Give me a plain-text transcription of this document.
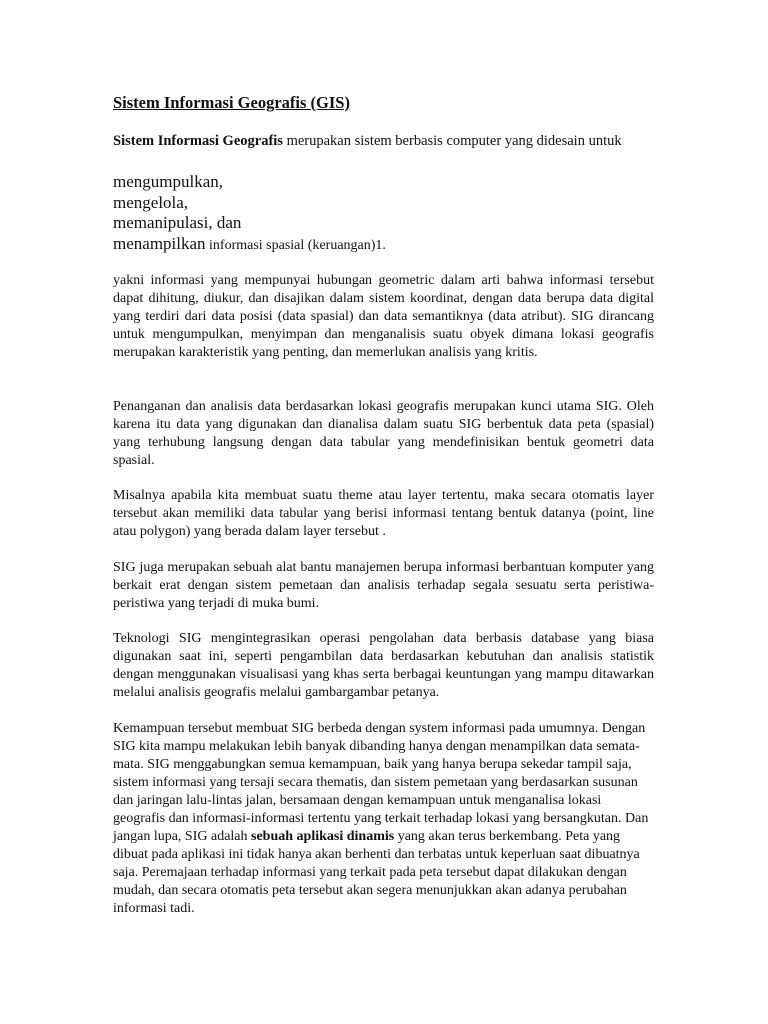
Sistem Informasi Geografis (GIS)

Sistem Informasi Geografis merupakan sistem berbasis computer yang didesain untuk

mengumpulkan,
mengelola,
memanipulasi, dan
menampilkan informasi spasial (keruangan)1.

yakni informasi yang mempunyai hubungan geometric dalam arti bahwa informasi tersebut dapat dihitung, diukur, dan disajikan dalam sistem koordinat, dengan data berupa data digital yang terdiri dari data posisi (data spasial) dan data semantiknya (data atribut). SIG dirancang untuk mengumpulkan, menyimpan dan menganalisis suatu obyek dimana lokasi geografis merupakan karakteristik yang penting, dan memerlukan analisis yang kritis.

Penanganan dan analisis data berdasarkan lokasi geografis merupakan kunci utama SIG. Oleh karena itu data yang digunakan dan dianalisa dalam suatu SIG berbentuk data peta (spasial) yang terhubung langsung dengan data tabular yang mendefinisikan bentuk geometri data spasial.

Misalnya apabila kita membuat suatu theme atau layer tertentu, maka secara otomatis layer tersebut akan memiliki data tabular yang berisi informasi tentang bentuk datanya (point, line atau polygon) yang berada dalam layer tersebut .

SIG juga merupakan sebuah alat bantu manajemen berupa informasi berbantuan komputer yang berkait erat dengan sistem pemetaan dan analisis terhadap segala sesuatu serta peristiwa-peristiwa yang terjadi di muka bumi.

Teknologi SIG mengintegrasikan operasi pengolahan data berbasis database yang biasa digunakan saat ini, seperti pengambilan data berdasarkan kebutuhan dan analisis statistik dengan menggunakan visualisasi yang khas serta berbagai keuntungan yang mampu ditawarkan melalui analisis geografis melalui gambargambar petanya.

Kemampuan tersebut membuat SIG berbeda dengan system informasi pada umumnya. Dengan SIG kita mampu melakukan lebih banyak dibanding hanya dengan menampilkan data semata-mata. SIG menggabungkan semua kemampuan, baik yang hanya berupa sekedar tampil saja, sistem informasi yang tersaji secara thematis, dan sistem pemetaan yang berdasarkan susunan dan jaringan lalu-lintas jalan, bersamaan dengan kemampuan untuk menganalisa lokasi geografis dan informasi-informasi tertentu yang terkait terhadap lokasi yang bersangkutan. Dan jangan lupa, SIG adalah sebuah aplikasi dinamis yang akan terus berkembang. Peta yang dibuat pada aplikasi ini tidak hanya akan berhenti dan terbatas untuk keperluan saat dibuatnya saja. Peremajaan terhadap informasi yang terkait pada peta tersebut dapat dilakukan dengan mudah, dan secara otomatis peta tersebut akan segera menunjukkan akan adanya perubahan informasi tadi.
